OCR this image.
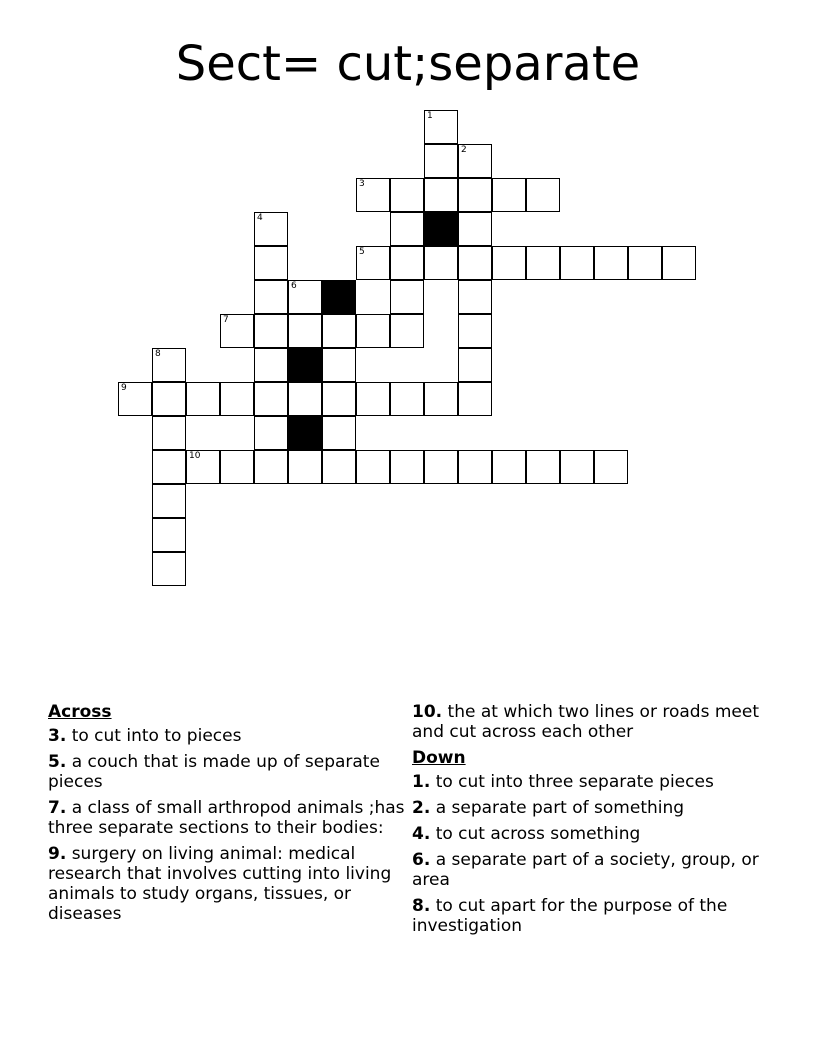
Sect= cut;separate
1
2
3
4
5
6
7
8
9
10
Across
3. to cut into to pieces
5. a couch that is made up of separate pieces
7. a class of small arthropod animals ;has three separate sections to their bodies:
9. surgery on living animal: medical research that involves cutting into living animals to study organs, tissues, or diseases
10. the at which two lines or roads meet and cut across each other
Down
1. to cut into three separate pieces
2. a separate part of something
4. to cut across something
6. a separate part of a society, group, or area
8. to cut apart for the purpose of the investigation
